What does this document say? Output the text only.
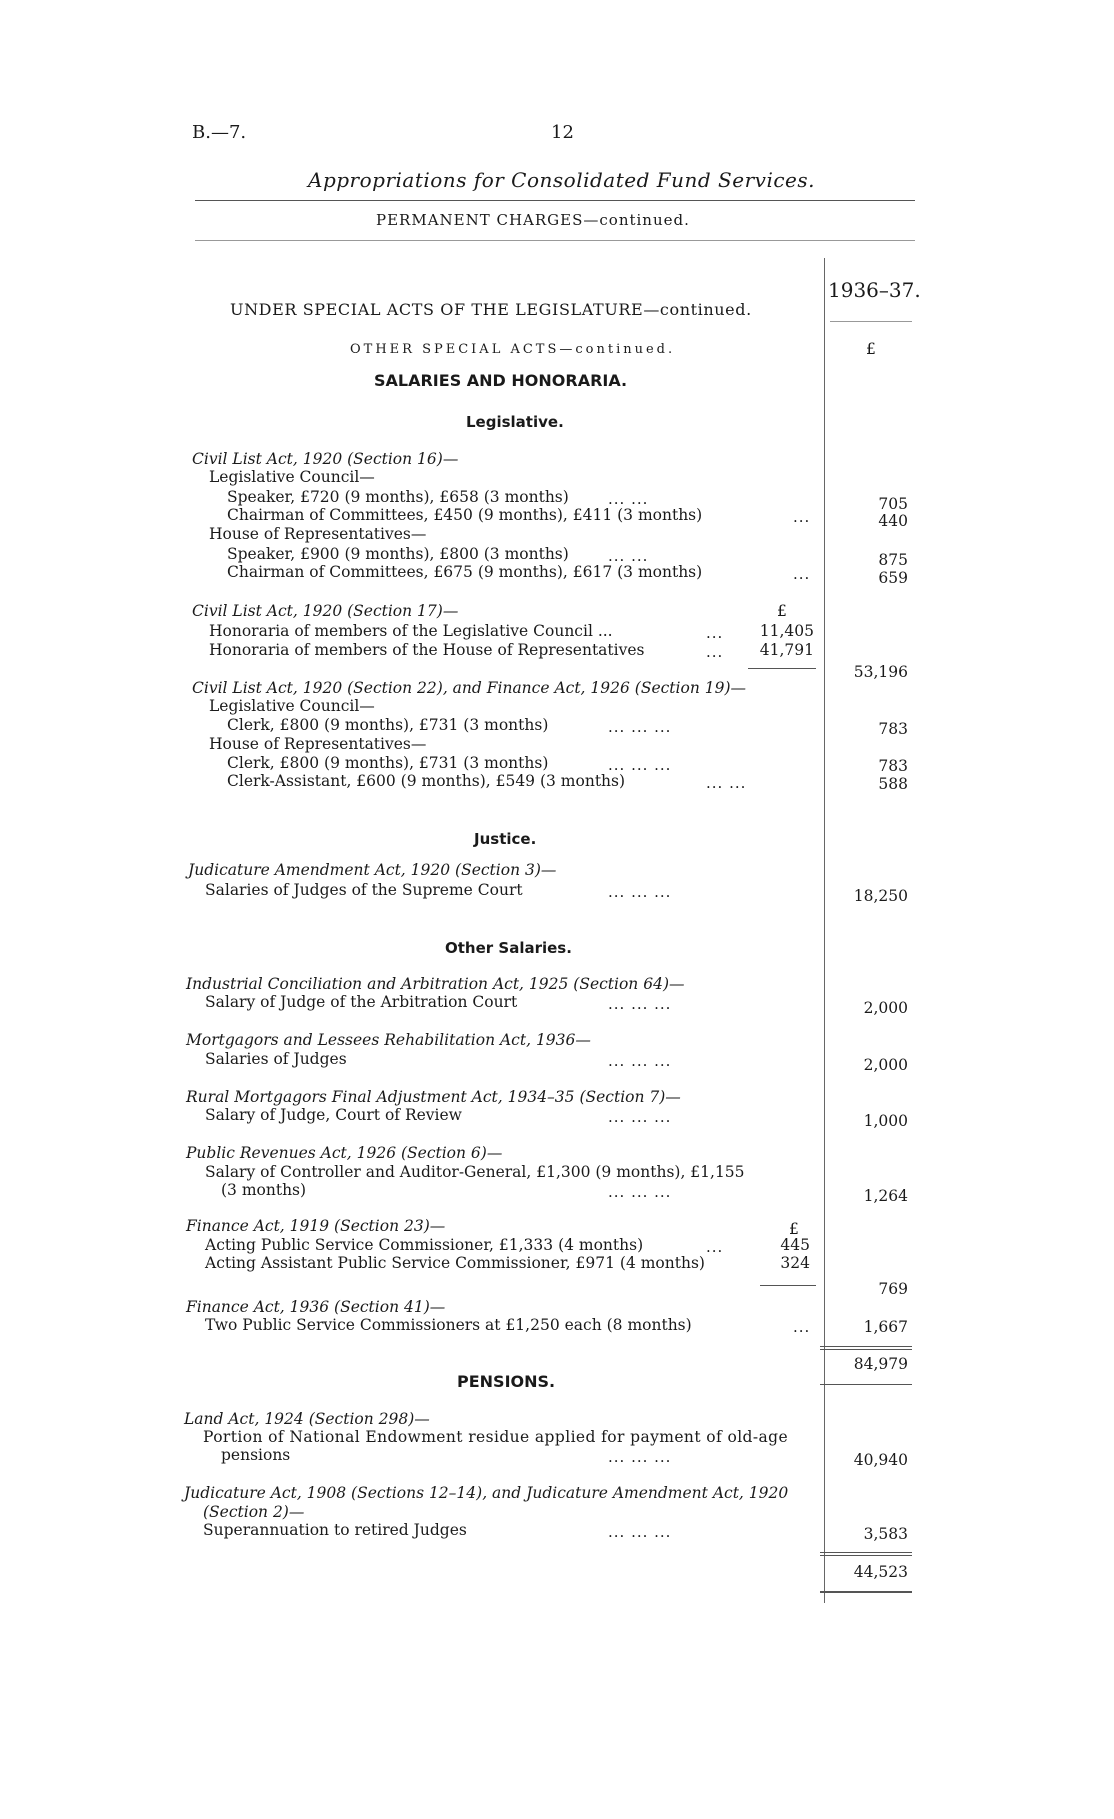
B.—7.	12
Appropriations for Consolidated Fund Services.
PERMANENT CHARGES—continued.
1936–37.
£
UNDER SPECIAL ACTS OF THE LEGISLATURE—continued.
OTHER SPECIAL ACTS—continued.
SALARIES AND HONORARIA.
Legislative.
Civil List Act, 1920 (Section 16)—
Legislative Council—
Speaker, £720 (9 months), £658 (3 months)	... ...	705
Chairman of Committees, £450 (9 months), £411 (3 months)	...	440
House of Representatives—
Speaker, £900 (9 months), £800 (3 months)	... ...	875
Chairman of Committees, £675 (9 months), £617 (3 months)	...	659
Civil List Act, 1920 (Section 17)—	£
Honoraria of members of the Legislative Council ...	...	11,405
Honoraria of members of the House of Representatives	...	41,791
53,196
Civil List Act, 1920 (Section 22), and Finance Act, 1926 (Section 19)—
Legislative Council—
Clerk, £800 (9 months), £731 (3 months)	... ... ...	783
House of Representatives—
Clerk, £800 (9 months), £731 (3 months)	... ... ...	783
Clerk-Assistant, £600 (9 months), £549 (3 months)	... ...	588
Justice.
Judicature Amendment Act, 1920 (Section 3)—
Salaries of Judges of the Supreme Court	... ... ...	18,250
Other Salaries.
Industrial Conciliation and Arbitration Act, 1925 (Section 64)—
Salary of Judge of the Arbitration Court	... ... ...	2,000
Mortgagors and Lessees Rehabilitation Act, 1936—
Salaries of Judges	... ... ...	2,000
Rural Mortgagors Final Adjustment Act, 1934–35 (Section 7)—
Salary of Judge, Court of Review	... ... ...	1,000
Public Revenues Act, 1926 (Section 6)—
Salary of Controller and Auditor-General, £1,300 (9 months), £1,155
(3 months)	... ... ...	1,264
Finance Act, 1919 (Section 23)—	£
Acting Public Service Commissioner, £1,333 (4 months)	...	445
Acting Assistant Public Service Commissioner, £971 (4 months)	324
769
Finance Act, 1936 (Section 41)—
Two Public Service Commissioners at £1,250 each (8 months)	...	1,667
84,979
PENSIONS.
Land Act, 1924 (Section 298)—
Portion of National Endowment residue applied for payment of old-age
pensions	... ... ...	40,940
Judicature Act, 1908 (Sections 12–14), and Judicature Amendment Act, 1920
(Section 2)—
Superannuation to retired Judges	... ... ...	3,583
44,523
